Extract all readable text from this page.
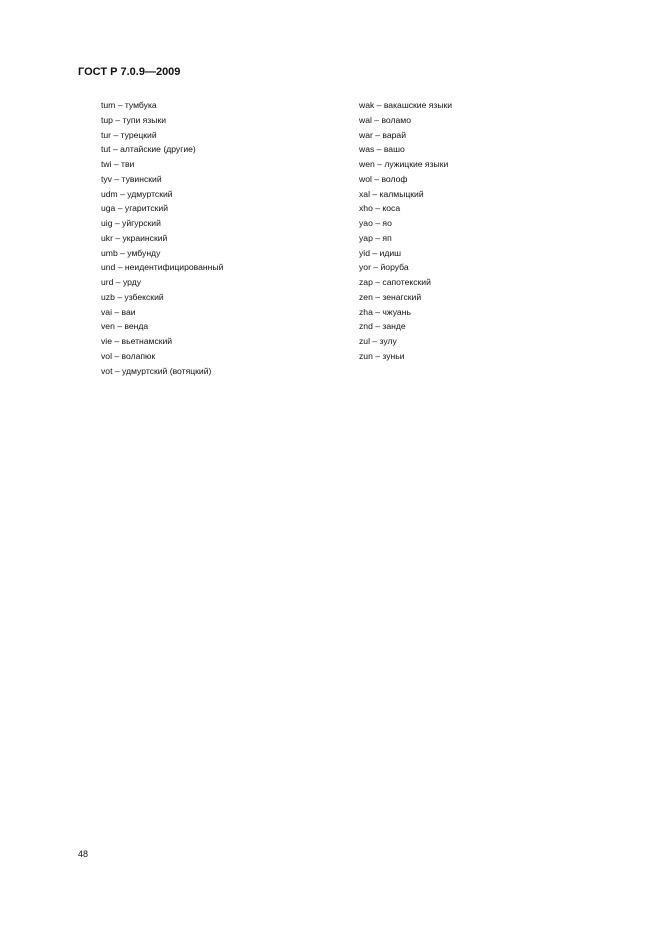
ГОСТ Р 7.0.9—2009
tum – тумбука
tup – тупи языки
tur – турецкий
tut – алтайские (другие)
twi – тви
tyv – тувинский
udm – удмуртский
uga – угаритский
uig – уйгурский
ukr – украинский
umb – умбунду
und – неидентифицированный
urd – урду
uzb – узбекский
vai – ваи
ven – венда
vie – вьетнамский
vol – волапюк
vot – удмуртский (вотяцкий)
wak – вакашские языки
wal – воламо
war – варай
was – вашо
wen – лужицкие языки
wol – волоф
xal – калмыцкий
xho – коса
yao – яо
yap – яп
yid – идиш
yor – йоруба
zap – сапотекский
zen – зенагский
zha – чжуань
znd – занде
zul – зулу
zun – зуньи
48
